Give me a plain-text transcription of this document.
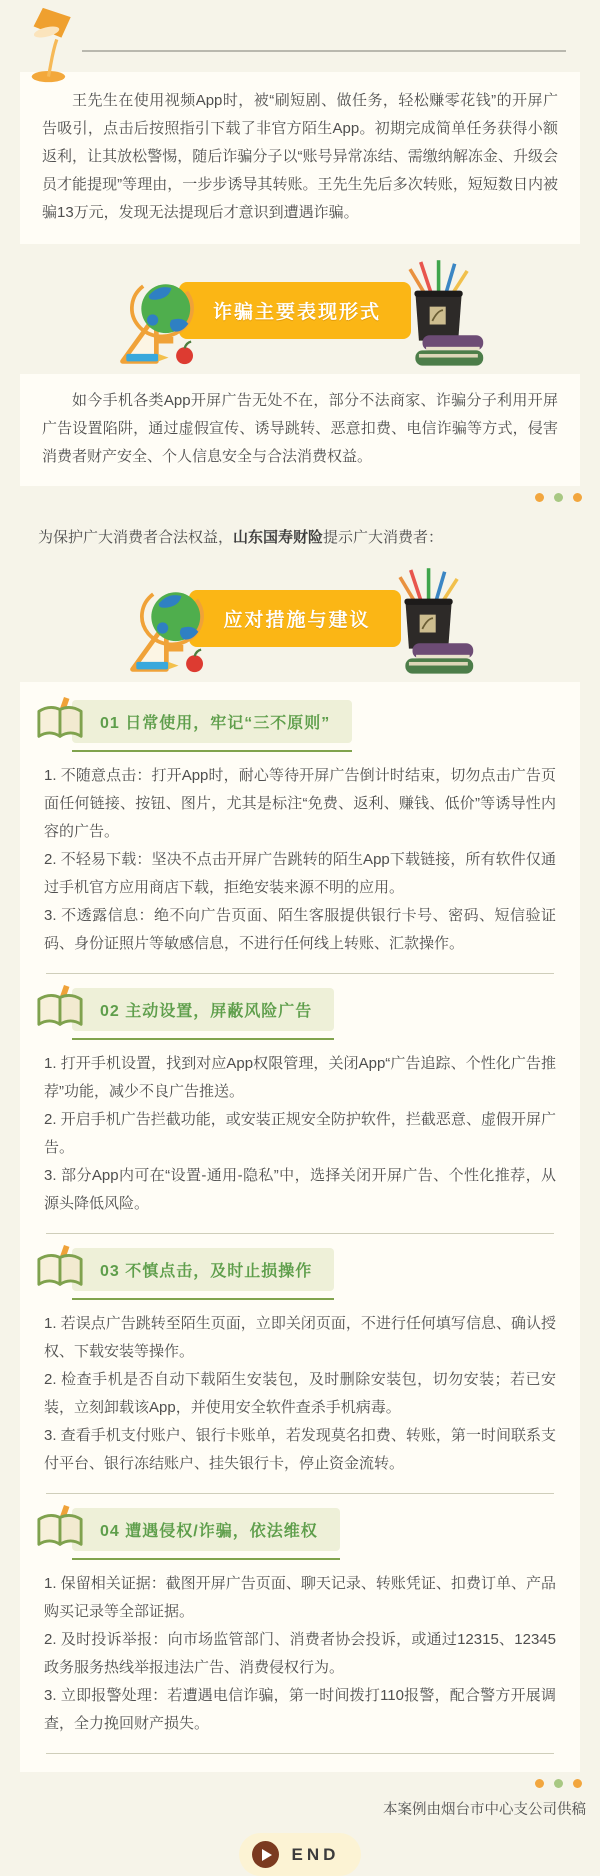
王先生在使用视频App时，被“刷短剧、做任务，轻松赚零花钱”的开屏广告吸引，点击后按照指引下载了非官方陌生App。初期完成简单任务获得小额返利，让其放松警惕，随后诈骗分子以“账号异常冻结、需缴纳解冻金、升级会员才能提现”等理由，一步步诱导其转账。王先生先后多次转账，短短数日内被骗13万元，发现无法提现后才意识到遭遇诈骗。

诈骗主要表现形式

如今手机各类App开屏广告无处不在，部分不法商家、诈骗分子利用开屏广告设置陷阱，通过虚假宣传、诱导跳转、恶意扣费、电信诈骗等方式，侵害消费者财产安全、个人信息安全与合法消费权益。

为保护广大消费者合法权益，山东国寿财险提示广大消费者：

应对措施与建议
01 日常使用，牢记“三不原则”

1. 不随意点击：打开App时，耐心等待开屏广告倒计时结束，切勿点击广告页面任何链接、按钮、图片，尤其是标注“免费、返利、赚钱、低价”等诱导性内容的广告。

2. 不轻易下载：坚决不点击开屏广告跳转的陌生App下载链接，所有软件仅通过手机官方应用商店下载，拒绝安装来源不明的应用。

3. 不透露信息：绝不向广告页面、陌生客服提供银行卡号、密码、短信验证码、身份证照片等敏感信息，不进行任何线上转账、汇款操作。

02 主动设置，屏蔽风险广告

1. 打开手机设置，找到对应App权限管理，关闭App“广告追踪、个性化广告推荐”功能，减少不良广告推送。

2. 开启手机广告拦截功能，或安装正规安全防护软件，拦截恶意、虚假开屏广告。

3. 部分App内可在“设置-通用-隐私”中，选择关闭开屏广告、个性化推荐，从源头降低风险。

03 不慎点击，及时止损操作

1. 若误点广告跳转至陌生页面，立即关闭页面，不进行任何填写信息、确认授权、下载安装等操作。

2. 检查手机是否自动下载陌生安装包，及时删除安装包，切勿安装；若已安装，立刻卸载该App，并使用安全软件查杀手机病毒。

3. 查看手机支付账户、银行卡账单，若发现莫名扣费、转账，第一时间联系支付平台、银行冻结账户、挂失银行卡，停止资金流转。

04 遭遇侵权/诈骗，依法维权

1. 保留相关证据：截图开屏广告页面、聊天记录、转账凭证、扣费订单、产品购买记录等全部证据。

2. 及时投诉举报：向市场监管部门、消费者协会投诉，或通过12315、12345政务服务热线举报违法广告、消费侵权行为。

3. 立即报警处理：若遭遇电信诈骗，第一时间拨打110报警，配合警方开展调查，全力挽回财产损失。

本案例由烟台市中心支公司供稿

END
